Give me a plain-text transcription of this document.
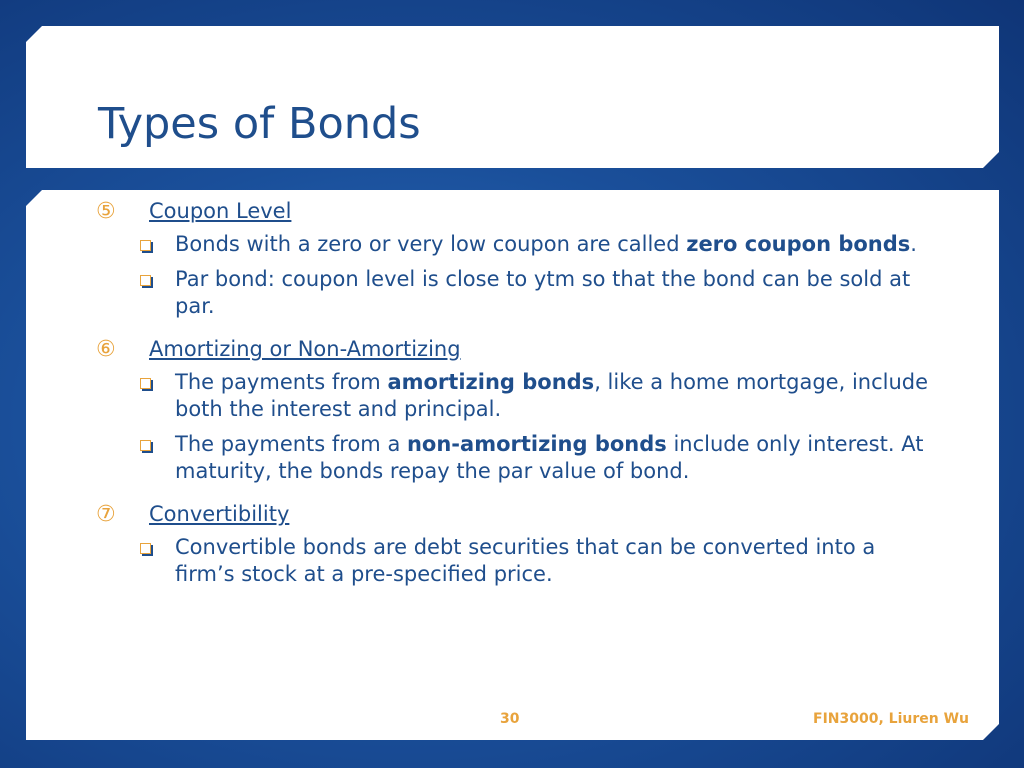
Types of Bonds
⑤	Coupon Level
Bonds with a zero or very low coupon are called zero coupon bonds.
Par bond: coupon level is close to ytm so that the bond can be sold at par.
⑥	Amortizing or Non-Amortizing
The payments from amortizing bonds, like a home mortgage, include both the interest and principal.
The payments from a non-amortizing bonds include only interest. At maturity, the bonds repay the par value of bond.
⑦	Convertibility
Convertible bonds are debt securities that can be converted into a firm’s stock at a pre-specified price.
30	FIN3000, Liuren Wu
